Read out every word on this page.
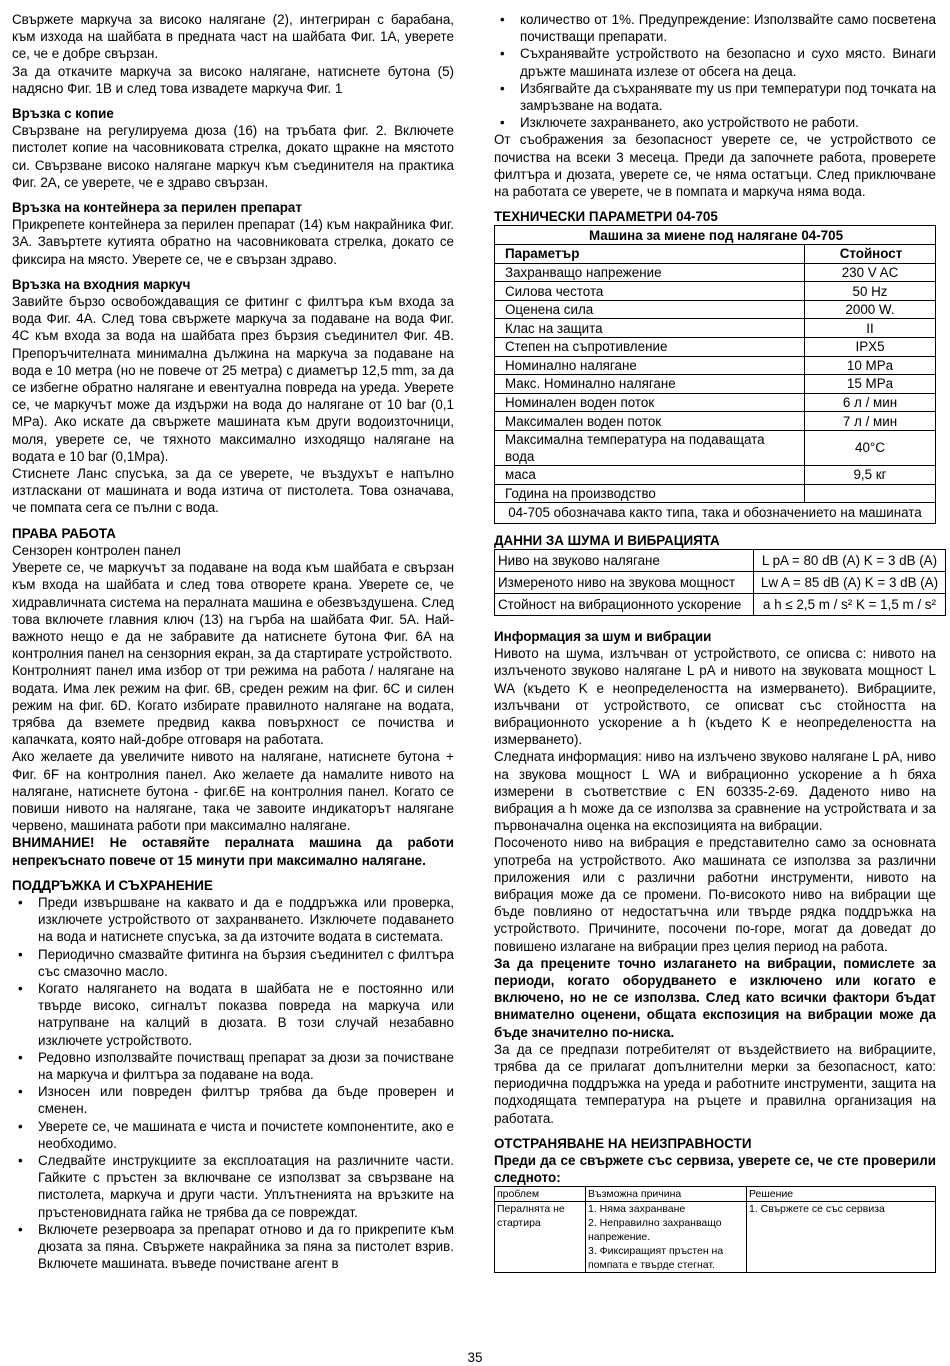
Свържете маркуча за високо налягане (2), интегриран с барабана, към изхода на шайбата в предната част на шайбата Фиг. 1А, уверете се, че е добре свързан.

За да откачите маркуча за високо налягане, натиснете бутона (5) надясно Фиг. 1В и след това извадете маркуча Фиг. 1

Връзка с копие

Свързване на регулируема дюза (16) на тръбата фиг. 2. Включете пистолет копие на часовниковата стрелка, докато щракне на мястото си. Свързване високо налягане маркуч към съединителя на практика Фиг. 2А, се уверете, че е здраво свързан.

Връзка на контейнера за перилен препарат

Прикрепете контейнера за перилен препарат (14) към накрайника Фиг. 3А. Завъртете кутията обратно на часовниковата стрелка, докато се фиксира на място. Уверете се, че е свързан здраво.

Връзка на входния маркуч

Завийте бързо освобождаващия се фитинг с филтъра към входа за вода Фиг. 4А. След това свържете маркуча за подаване на вода Фиг. 4С към входа за вода на шайбата през бързия съединител Фиг. 4В. Препоръчителната минимална дължина на маркуча за подаване на вода е 10 метра (но не повече от 25 метра) с диаметър 12,5 mm, за да се избегне обратно налягане и евентуална повреда на уреда. Уверете се, че маркучът може да издържи на вода до налягане от 10 bar (0,1 MPa). Ако искате да свържете машината към други водоизточници, моля, уверете се, че тяхното максимално изходящо налягане на водата е 10 bar (0,1Mpa).

Стиснете Ланс спусъка, за да се уверете, че въздухът е напълно изтласкани от машината и вода изтича от пистолета. Това означава, че помпата сега се пълни с вода.

ПРАВА РАБОТА

Сензорен контролен панел

Уверете се, че маркучът за подаване на вода към шайбата е свързан към входа на шайбата и след това отворете крана. Уверете се, че хидравличната система на пералната машина е обезвъздушена. След това включете главния ключ (13) на гърба на шайбата Фиг. 5А. Най-важното нещо е да не забравите да натиснете бутона Фиг. 6А на контролния панел на сензорния екран, за да стартирате устройството.

Контролният панел има избор от три режима на работа / налягане на водата. Има лек режим на фиг. 6В, среден режим на фиг. 6С и силен режим на фиг. 6D. Когато избирате правилното налягане на водата, трябва да вземете предвид каква повърхност се почиства и капачката, която най-добре отговаря на работата.

Ако желаете да увеличите нивото на налягане, натиснете бутона + Фиг. 6F на контролния панел. Ако желаете да намалите нивото на налягане, натиснете бутона - фиг.6Е на контролния панел. Когато се повиши нивото на налягане, така че завоите индикаторът налягане червено, машината работи при максимално налягане.

ВНИМАНИЕ! Не оставяйте пералната машина да работи непрекъснато повече от 15 минути при максимално налягане.

ПОДДРЪЖКА И СЪХРАНЕНИЕ
• Преди извършване на каквато и да е поддръжка или проверка, изключете устройството от захранването. Изключете подаването на вода и натиснете спусъка, за да източите водата в системата.
• Периодично смазвайте фитинга на бързия съединител с филтъра със смазочно масло.
• Когато налягането на водата в шайбата не е постоянно или твърде високо, сигналът показва повреда на маркуча или натрупване на калций в дюзата. В този случай незабавно изключете устройството.
• Редовно използвайте почистващ препарат за дюзи за почистване на маркуча и филтъра за подаване на вода.
• Износен или повреден филтър трябва да бъде проверен и сменен.
• Уверете се, че машината е чиста и почистете компонентите, ако е необходимо.
• Следвайте инструкциите за експлоатация на различните части. Гайките с пръстен за включване се използват за свързване на пистолета, маркуча и други части. Уплътненията на връзките на пръстеновидната гайка не трябва да се повреждат.
• Включете резервоара за препарат отново и да го прикрепите към дюзата за пяна. Свържете накрайника за пяна за пистолет взрив. Включете машината. въведе почистване агент в
• количество от 1%. Предупреждение: Използвайте само посветена почистващи препарати.
• Съхранявайте устройството на безопасно и сухо място. Винаги дръжте машината излезе от обсега на деца.
• Избягвайте да съхранявате my us при температури под точката на замръзване на водата.
• Изключете захранването, ако устройството не работи.

От съображения за безопасност уверете се, че устройството се почиства на всеки 3 месеца. Преди да започнете работа, проверете филтъра и дюзата, уверете се, че няма остатъци. След приключване на работата се уверете, че в помпата и маркуча няма вода.

ТЕХНИЧЕСКИ ПАРАМЕТРИ 04-705
Машина за миене под налягане 04-705	
Параметър	Стойност
Захранващо напрежение	230 V AC
Силова честота	50 Hz
Оценена сила	2000 W.
Клас на защита	II
Степен на съпротивление	IPX5
Номинално налягане	10 MPa
Макс. Номинално налягане	15 MPa
Номинален воден поток	6 л / мин
Максимален воден поток	7 л / мин
Максимална температура на подаващата вода	40°C
маса	9,5 кг
Година на производство	
04-705 обозначава както типа, така и обозначението на машината	
ДАННИ ЗА ШУМА И ВИБРАЦИЯТА
Ниво на звуково налягане	L pA = 80 dB (A) K = 3 dB (A)
Измереното ниво на звукова мощност	Lw A = 85 dB (A) K = 3 dB (A)
Стойност на вибрационното ускорение	a h ≤ 2,5 m / s² K = 1,5 m / s²
Информация за шум и вибрации

Нивото на шума, излъчван от устройството, се описва с: нивото на излъченото звуково налягане L pA и нивото на звуковата мощност L WA (където K е неопределеността на измерването). Вибрациите, излъчвани от устройството, се описват със стойността на вибрационното ускорение a h (където K е неопределеността на измерването).

Следната информация: ниво на излъчено звуково налягане L pA, ниво на звукова мощност L WA и вибрационно ускорение a h бяха измерени в съответствие с EN 60335-2-69. Даденото ниво на вибрация a h може да се използва за сравнение на устройствата и за първоначална оценка на експозицията на вибрации.

Посоченото ниво на вибрация е представително само за основната употреба на устройството. Ако машината се използва за различни приложения или с различни работни инструменти, нивото на вибрация може да се промени. По-високото ниво на вибрации ще бъде повлияно от недостатъчна или твърде рядка поддръжка на устройството. Причините, посочени по-горе, могат да доведат до повишено излагане на вибрации през целия период на работа.

За да прецените точно излагането на вибрации, помислете за периоди, когато оборудването е изключено или когато е включено, но не се използва. След като всички фактори бъдат внимателно оценени, общата експозиция на вибрации може да бъде значително по-ниска.

За да се предпази потребителят от въздействието на вибрациите, трябва да се прилагат допълнителни мерки за безопасност, като: периодична поддръжка на уреда и работните инструменти, защита на подходящата температура на ръцете и правилна организация на работата.

ОТСТРАНЯВАНЕ НА НЕИЗПРАВНОСТИ

Преди да се свържете със сервиза, уверете се, че сте проверили следното:

проблем	Възможна причина	Решение
Пералнята не стартира	1. Няма захранване
2. Неправилно захранващо напрежение.
3. Фиксиращият пръстен на помпата е твърде стегнат.	1. Свържете се със сервиза
35
